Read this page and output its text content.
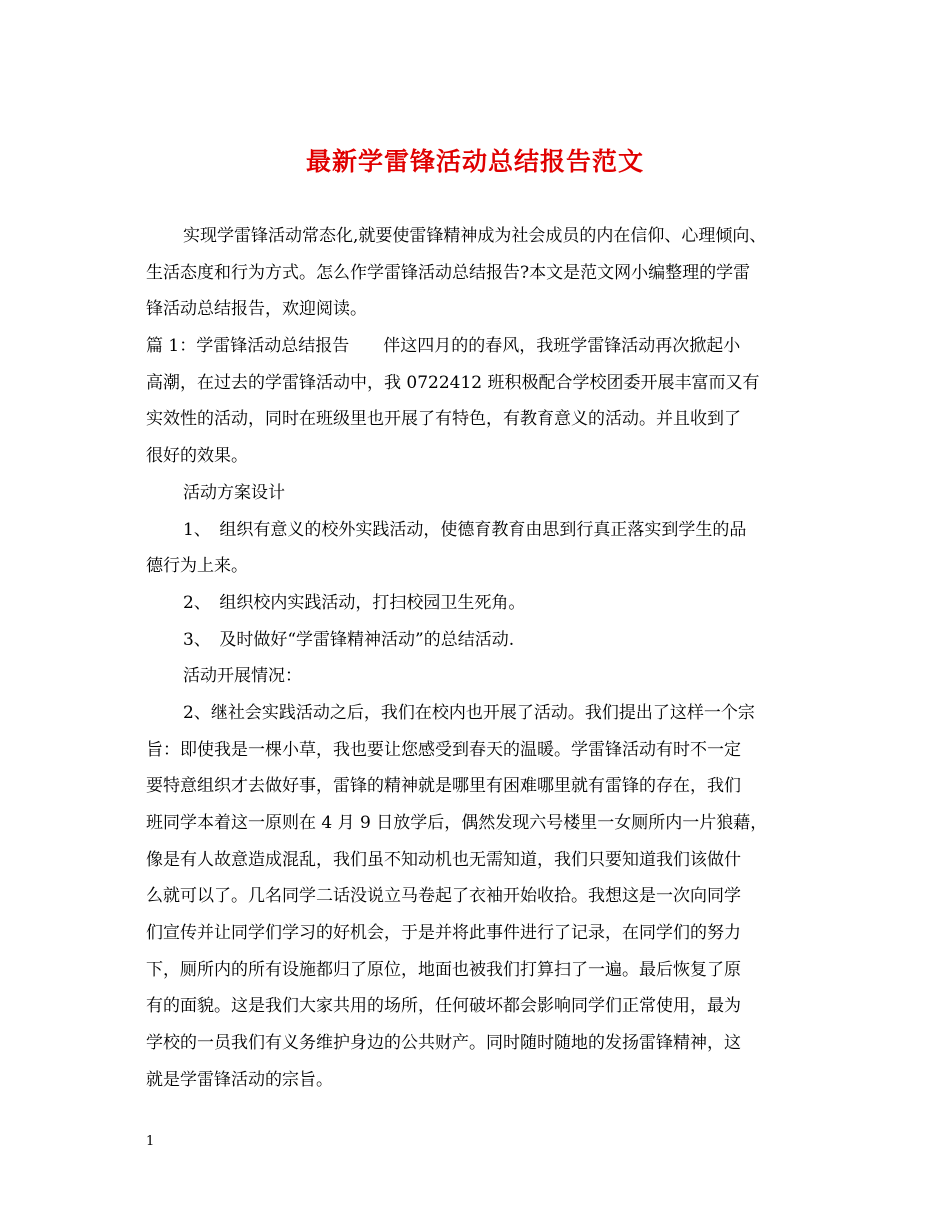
最新学雷锋活动总结报告范文
实现学雷锋活动常态化,就要使雷锋精神成为社会成员的内在信仰、心理倾向、
生活态度和行为方式。怎么作学雷锋活动总结报告?本文是范文网小编整理的学雷
锋活动总结报告，欢迎阅读。
篇 1：学雷锋活动总结报告　　伴这四月的的春风，我班学雷锋活动再次掀起小
高潮，在过去的学雷锋活动中，我 0722412 班积极配合学校团委开展丰富而又有
实效性的活动，同时在班级里也开展了有特色，有教育意义的活动。并且收到了
很好的效果。
活动方案设计
1、　组织有意义的校外实践活动，使德育教育由思到行真正落实到学生的品
德行为上来。
2、　组织校内实践活动，打扫校园卫生死角。
3、　及时做好“学雷锋精神活动”的总结活动.
活动开展情况：
2、继社会实践活动之后，我们在校内也开展了活动。我们提出了这样一个宗
旨：即使我是一棵小草，我也要让您感受到春天的温暖。学雷锋活动有时不一定
要特意组织才去做好事，雷锋的精神就是哪里有困难哪里就有雷锋的存在，我们
班同学本着这一原则在 4 月 9 日放学后，偶然发现六号楼里一女厕所内一片狼藉，
像是有人故意造成混乱，我们虽不知动机也无需知道，我们只要知道我们该做什
么就可以了。几名同学二话没说立马卷起了衣袖开始收拾。我想这是一次向同学
们宣传并让同学们学习的好机会，于是并将此事件进行了记录，在同学们的努力
下，厕所内的所有设施都归了原位，地面也被我们打算扫了一遍。最后恢复了原
有的面貌。这是我们大家共用的场所，任何破坏都会影响同学们正常使用，最为
学校的一员我们有义务维护身边的公共财产。同时随时随地的发扬雷锋精神，这
就是学雷锋活动的宗旨。
1
